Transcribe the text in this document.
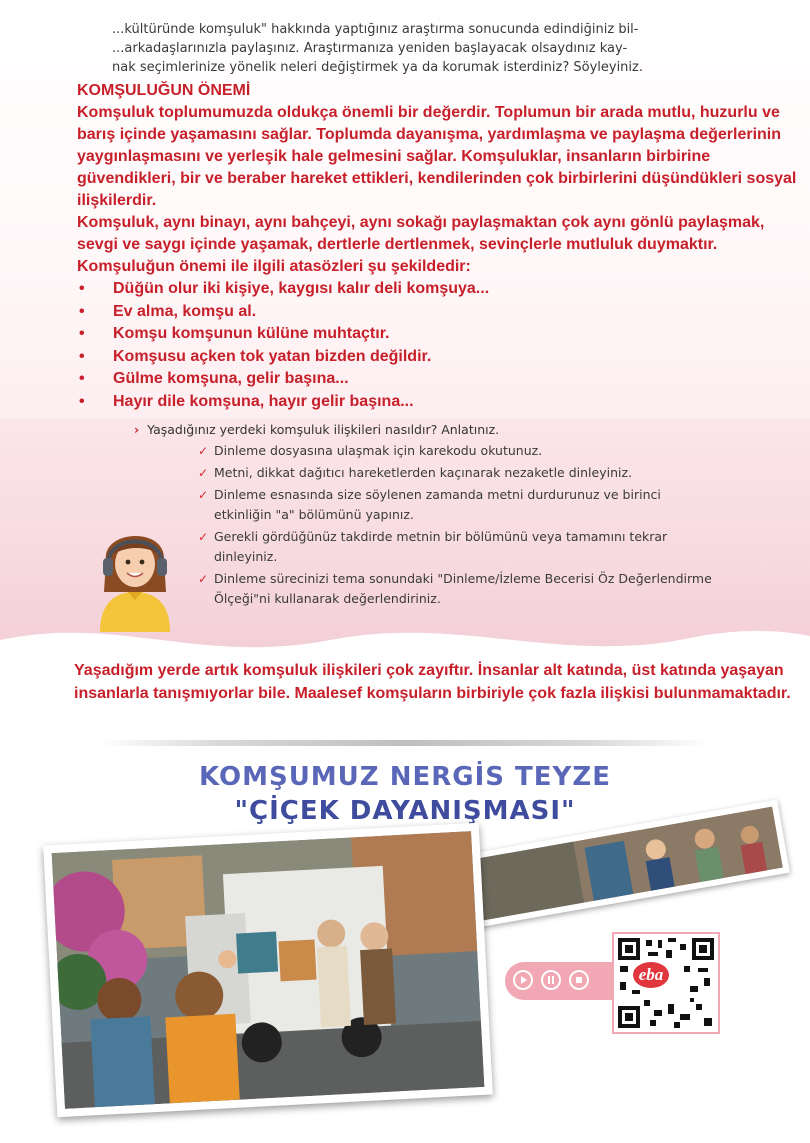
...kültüründe komşuluk" hakkında yaptığınız araştırma sonucunda edindiğiniz bil-

...arkadaşlarınızla paylaşınız. Araştırmanıza yeniden başlayacak olsaydınız kay-

nak seçimlerinize yönelik neleri değiştirmek ya da korumak isterdiniz? Söyleyiniz.

KOMŞULUĞUN ÖNEMİ

Komşuluk toplumumuzda oldukça önemli bir değerdir. Toplumun bir arada mutlu, huzurlu ve barış içinde yaşamasını sağlar. Toplumda dayanışma, yardımlaşma ve paylaşma değerlerinin yaygınlaşmasını ve yerleşik hale gelmesini sağlar. Komşuluklar, insanların birbirine güvendikleri, bir ve beraber hareket ettikleri, kendilerinden çok birbirlerini düşündükleri sosyal ilişkilerdir.

Komşuluk, aynı binayı, aynı bahçeyi, aynı sokağı paylaşmaktan çok aynı gönlü paylaşmak, sevgi ve saygı içinde yaşamak, dertlerle dertlenmek, sevinçlerle mutluluk duymaktır.

Komşuluğun önemi ile ilgili atasözleri şu şekildedir:

• Düğün olur iki kişiye, kaygısı kalır deli komşuya...
• Ev alma, komşu al.
• Komşu komşunun külüne muhtaçtır.
• Komşusu açken tok yatan bizden değildir.
• Gülme komşuna, gelir başına...
• Hayır dile komşuna, hayır gelir başına...
› Yaşadığınız yerdeki komşuluk ilişkileri nasıldır? Anlatınız.
✓ Dinleme dosyasına ulaşmak için karekodu okutunuz.
✓ Metni, dikkat dağıtıcı hareketlerden kaçınarak nezaketle dinleyiniz.
✓ Dinleme esnasında size söylenen zamanda metni durdurunuz ve birinci etkinliğin "a" bölümünü yapınız.
✓ Gerekli gördüğünüz takdirde metnin bir bölümünü veya tamamını tekrar dinleyiniz.
✓ Dinleme sürecinizi tema sonundaki "Dinleme/İzleme Becerisi Öz Değerlendirme Ölçeği"ni kullanarak değerlendiriniz.
Yaşadığım yerde artık komşuluk ilişkileri çok zayıftır. İnsanlar alt katında, üst katında yaşayan insanlarla tanışmıyorlar bile. Maalesef komşuların birbiriyle çok fazla ilişkisi bulunmamaktadır.
KOMŞUMUZ NERGİS TEYZE
"ÇİÇEK DAYANIŞMASI"
eba
